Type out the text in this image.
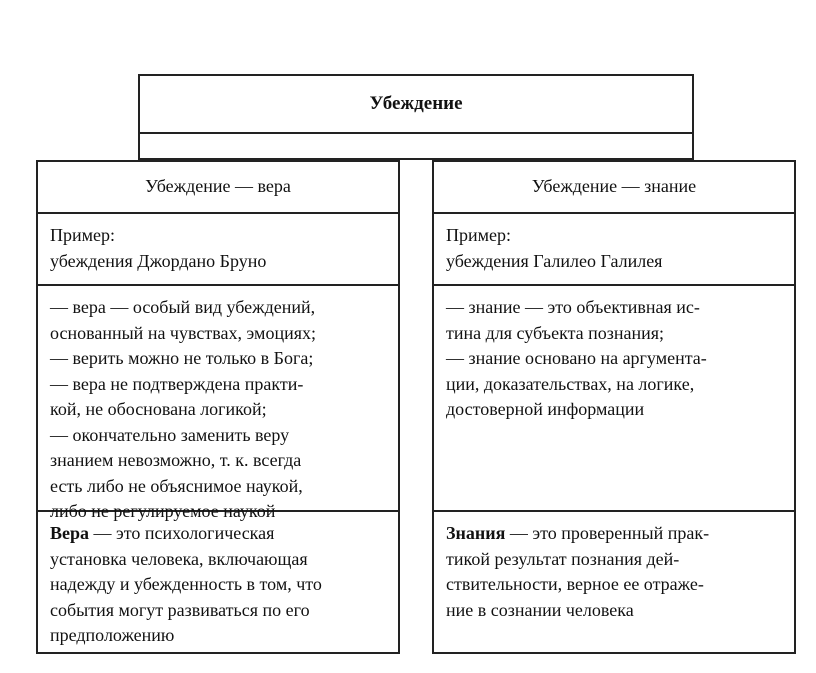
Убеждение
Убеждение — вера
Пример:
убеждения Джордано Бруно
— вера — особый вид убеждений,
основанный на чувствах, эмоциях;
— верить можно не только в Бога;
— вера не подтверждена практи-
кой, не обоснована логикой;
— окончательно заменить веру
знанием невозможно, т. к. всегда
есть либо не объяснимое наукой,
либо не регулируемое наукой
Вера — это психологическая
установка человека, включающая
надежду и убежденность в том, что
события могут развиваться по его
предположению
Убеждение — знание
Пример:
убеждения Галилео Галилея
— знание — это объективная ис-
тина для субъекта познания;
— знание основано на аргумента-
ции, доказательствах, на логике,
достоверной информации
Знания — это проверенный прак-
тикой результат познания дей-
ствительности, верное ее отраже-
ние в сознании человека
